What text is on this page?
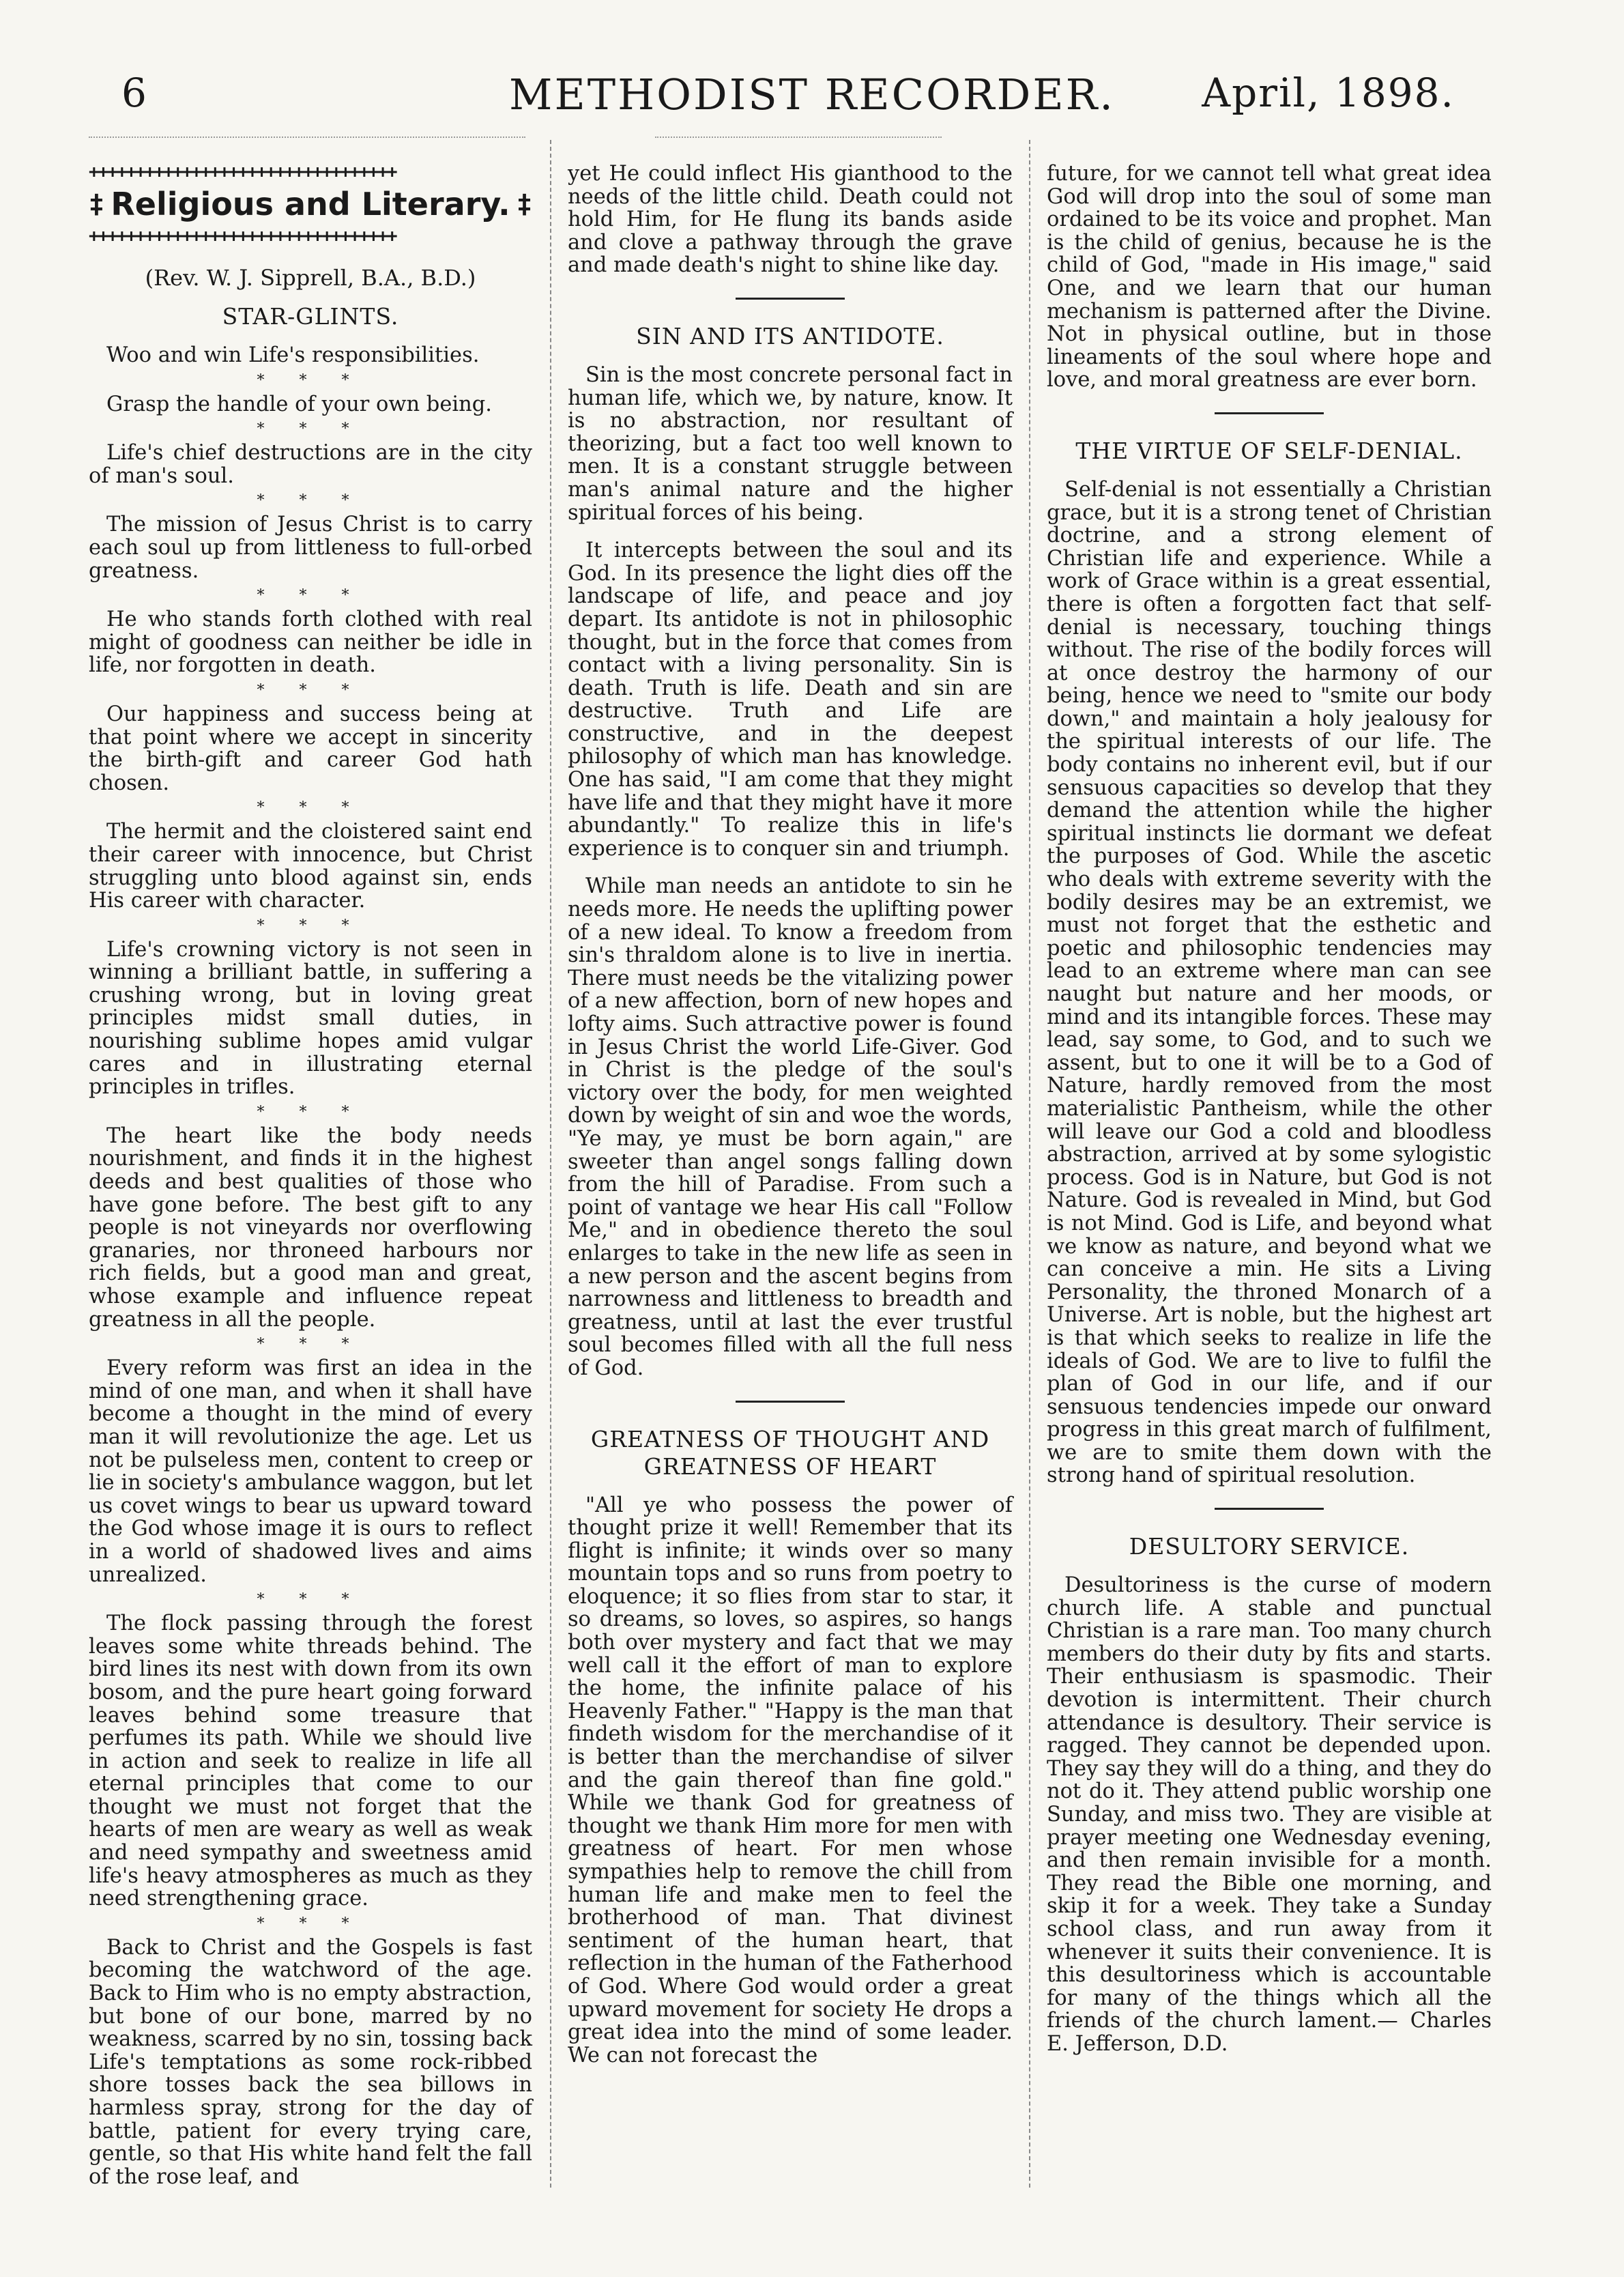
6	METHODIST RECORDER.	April, 1898.
+++++++++++++++++++++++++++++++++
‡ Religious and Literary. ‡
+++++++++++++++++++++++++++++++++
(Rev. W. J. Sipprell, B.A., B.D.)
STAR-GLINTS.

Woo and win Life's responsibilities.

* * *

Grasp the handle of your own being.

* * *

Life's chief destructions are in the city of man's soul.

* * *

The mission of Jesus Christ is to carry each soul up from littleness to full-orbed greatness.

* * *

He who stands forth clothed with real might of goodness can neither be idle in life, nor forgotten in death.

* * *

Our happiness and success being at that point where we accept in sincerity the birth-gift and career God hath chosen.

* * *

The hermit and the cloistered saint end their career with innocence, but Christ struggling unto blood against sin, ends His career with character.

* * *

Life's crowning victory is not seen in winning a brilliant battle, in suffering a crushing wrong, but in loving great principles midst small duties, in nourishing sublime hopes amid vulgar cares and in illustrating eternal principles in trifles.

* * *

The heart like the body needs nourishment, and finds it in the highest deeds and best qualities of those who have gone before. The best gift to any people is not vineyards nor overflowing granaries, nor throneed harbours nor rich fields, but a good man and great, whose example and influence repeat greatness in all the people.

* * *

Every reform was first an idea in the mind of one man, and when it shall have become a thought in the mind of every man it will revolutionize the age. Let us not be pulseless men, content to creep or lie in society's ambulance waggon, but let us covet wings to bear us upward toward the God whose image it is ours to reflect in a world of shadowed lives and aims unrealized.

* * *

The flock passing through the forest leaves some white threads behind. The bird lines its nest with down from its own bosom, and the pure heart going forward leaves behind some treasure that perfumes its path. While we should live in action and seek to realize in life all eternal principles that come to our thought we must not forget that the hearts of men are weary as well as weak and need sympathy and sweetness amid life's heavy atmospheres as much as they need strengthening grace.

* * *

Back to Christ and the Gospels is fast becoming the watchword of the age. Back to Him who is no empty abstraction, but bone of our bone, marred by no weakness, scarred by no sin, tossing back Life's temptations as some rock-ribbed shore tosses back the sea billows in harmless spray, strong for the day of battle, patient for every trying care, gentle, so that His white hand felt the fall of the rose leaf, and

yet He could inflect His gianthood to the needs of the little child. Death could not hold Him, for He flung its bands aside and clove a pathway through the grave and made death's night to shine like day.

SIN AND ITS ANTIDOTE.

Sin is the most concrete personal fact in human life, which we, by nature, know. It is no abstraction, nor resultant of theorizing, but a fact too well known to men. It is a constant struggle between man's animal nature and the higher spiritual forces of his being.

It intercepts between the soul and its God. In its presence the light dies off the landscape of life, and peace and joy depart. Its antidote is not in philosophic thought, but in the force that comes from contact with a living personality. Sin is death. Truth is life. Death and sin are destructive. Truth and Life are constructive, and in the deepest philosophy of which man has knowledge. One has said, "I am come that they might have life and that they might have it more abundantly." To realize this in life's experience is to conquer sin and triumph.

While man needs an antidote to sin he needs more. He needs the uplifting power of a new ideal. To know a freedom from sin's thraldom alone is to live in inertia. There must needs be the vitalizing power of a new affection, born of new hopes and lofty aims. Such attractive power is found in Jesus Christ the world Life-Giver. God in Christ is the pledge of the soul's victory over the body, for men weighted down by weight of sin and woe the words, "Ye may, ye must be born again," are sweeter than angel songs falling down from the hill of Paradise. From such a point of vantage we hear His call "Follow Me," and in obedience thereto the soul enlarges to take in the new life as seen in a new person and the ascent begins from narrowness and littleness to breadth and greatness, until at last the ever trustful soul becomes filled with all the full ness of God.

GREATNESS OF THOUGHT AND GREATNESS OF HEART

"All ye who possess the power of thought prize it well! Remember that its flight is infinite; it winds over so many mountain tops and so runs from poetry to eloquence; it so flies from star to star, it so dreams, so loves, so aspires, so hangs both over mystery and fact that we may well call it the effort of man to explore the home, the infinite palace of his Heavenly Father." "Happy is the man that findeth wisdom for the merchandise of it is better than the merchandise of silver and the gain thereof than fine gold." While we thank God for greatness of thought we thank Him more for men with greatness of heart. For men whose sympathies help to remove the chill from human life and make men to feel the brotherhood of man. That divinest sentiment of the human heart, that reflection in the human of the Fatherhood of God. Where God would order a great upward movement for society He drops a great idea into the mind of some leader. We can not forecast the

future, for we cannot tell what great idea God will drop into the soul of some man ordained to be its voice and prophet. Man is the child of genius, because he is the child of God, "made in His image," said One, and we learn that our human mechanism is patterned after the Divine. Not in physical outline, but in those lineaments of the soul where hope and love, and moral greatness are ever born.

THE VIRTUE OF SELF-DENIAL.

Self-denial is not essentially a Christian grace, but it is a strong tenet of Christian doctrine, and a strong element of Christian life and experience. While a work of Grace within is a great essential, there is often a forgotten fact that self-denial is necessary, touching things without. The rise of the bodily forces will at once destroy the harmony of our being, hence we need to "smite our body down," and maintain a holy jealousy for the spiritual interests of our life. The body contains no inherent evil, but if our sensuous capacities so develop that they demand the attention while the higher spiritual instincts lie dormant we defeat the purposes of God. While the ascetic who deals with extreme severity with the bodily desires may be an extremist, we must not forget that the esthetic and poetic and philosophic tendencies may lead to an extreme where man can see naught but nature and her moods, or mind and its intangible forces. These may lead, say some, to God, and to such we assent, but to one it will be to a God of Nature, hardly removed from the most materialistic Pantheism, while the other will leave our God a cold and bloodless abstraction, arrived at by some sylogistic process. God is in Nature, but God is not Nature. God is revealed in Mind, but God is not Mind. God is Life, and beyond what we know as nature, and beyond what we can conceive a min. He sits a Living Personality, the throned Monarch of a Universe. Art is noble, but the highest art is that which seeks to realize in life the ideals of God. We are to live to fulfil the plan of God in our life, and if our sensuous tendencies impede our onward progress in this great march of fulfilment, we are to smite them down with the strong hand of spiritual resolution.

DESULTORY SERVICE.

Desultoriness is the curse of modern church life. A stable and punctual Christian is a rare man. Too many church members do their duty by fits and starts. Their enthusiasm is spasmodic. Their devotion is intermittent. Their church attendance is desultory. Their service is ragged. They cannot be depended upon. They say they will do a thing, and they do not do it. They attend public worship one Sunday, and miss two. They are visible at prayer meeting one Wednesday evening, and then remain invisible for a month. They read the Bible one morning, and skip it for a week. They take a Sunday school class, and run away from it whenever it suits their convenience. It is this desultoriness which is accountable for many of the things which all the friends of the church lament.— Charles E. Jefferson, D.D.
